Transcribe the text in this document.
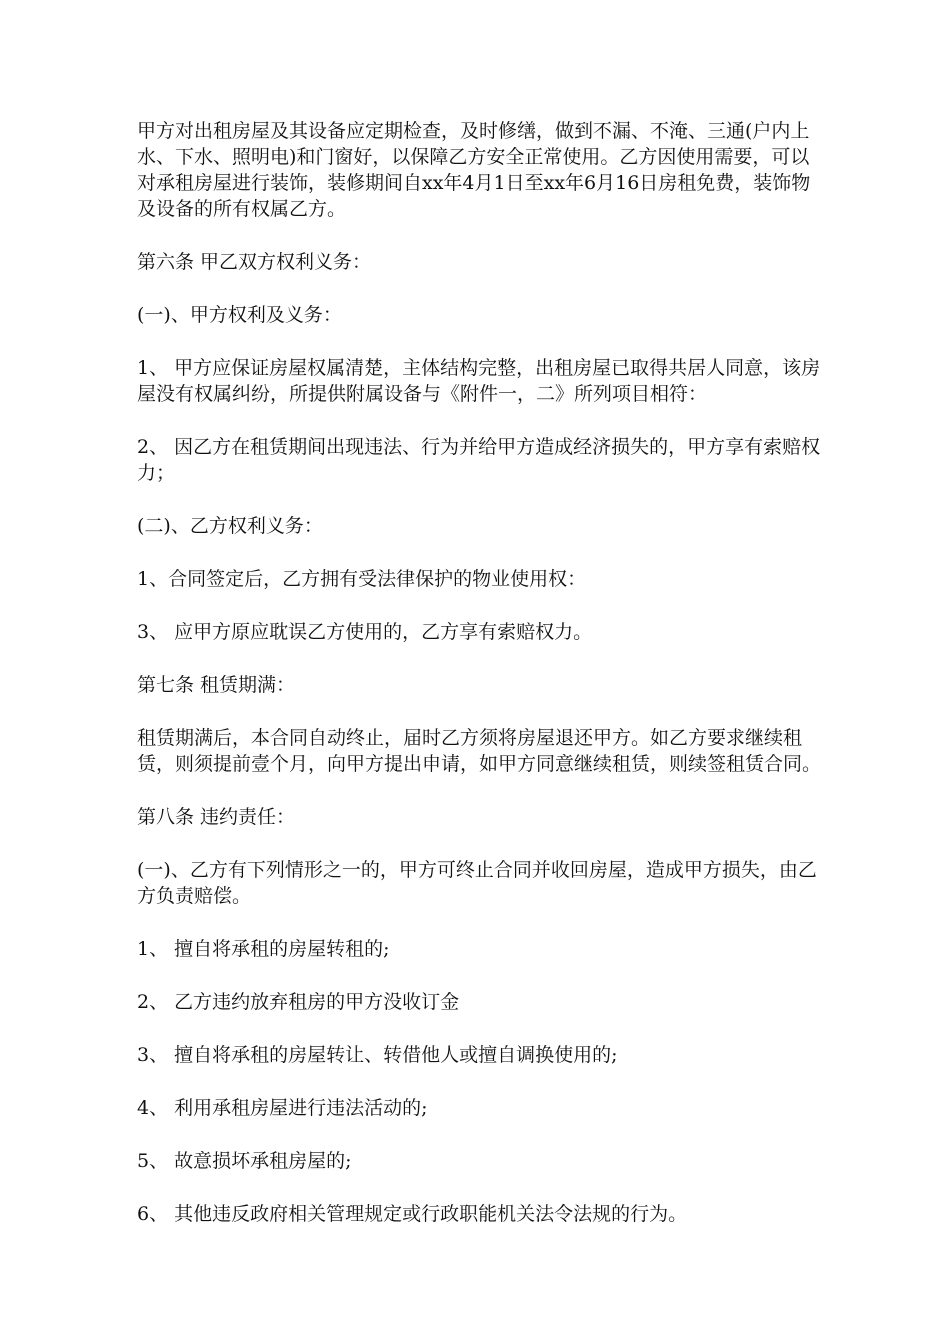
甲方对出租房屋及其设备应定期检查，及时修缮，做到不漏、不淹、三通(户内上水、下水、照明电)和门窗好，以保障乙方安全正常使用。乙方因使用需要，可以对承租房屋进行装饰，装修期间自xx年4月1日至xx年6月16日房租免费，装饰物及设备的所有权属乙方。

第六条 甲乙双方权利义务：

(一)、甲方权利及义务：

1、 甲方应保证房屋权属清楚，主体结构完整，出租房屋已取得共居人同意，该房屋没有权属纠纷，所提供附属设备与《附件一，二》所列项目相符：

2、 因乙方在租赁期间出现违法、行为并给甲方造成经济损失的，甲方享有索赔权力；

(二)、乙方权利义务：

1、合同签定后，乙方拥有受法律保护的物业使用权：

3、 应甲方原应耽误乙方使用的，乙方享有索赔权力。

第七条 租赁期满：

租赁期满后，本合同自动终止，届时乙方须将房屋退还甲方。如乙方要求继续租赁，则须提前壹个月，向甲方提出申请，如甲方同意继续租赁，则续签租赁合同。

第八条 违约责任：

(一)、乙方有下列情形之一的，甲方可终止合同并收回房屋，造成甲方损失，由乙方负责赔偿。

1、 擅自将承租的房屋转租的;

2、 乙方违约放弃租房的甲方没收订金

3、 擅自将承租的房屋转让、转借他人或擅自调换使用的;

4、 利用承租房屋进行违法活动的;

5、 故意损坏承租房屋的;

6、 其他违反政府相关管理规定或行政职能机关法令法规的行为。
